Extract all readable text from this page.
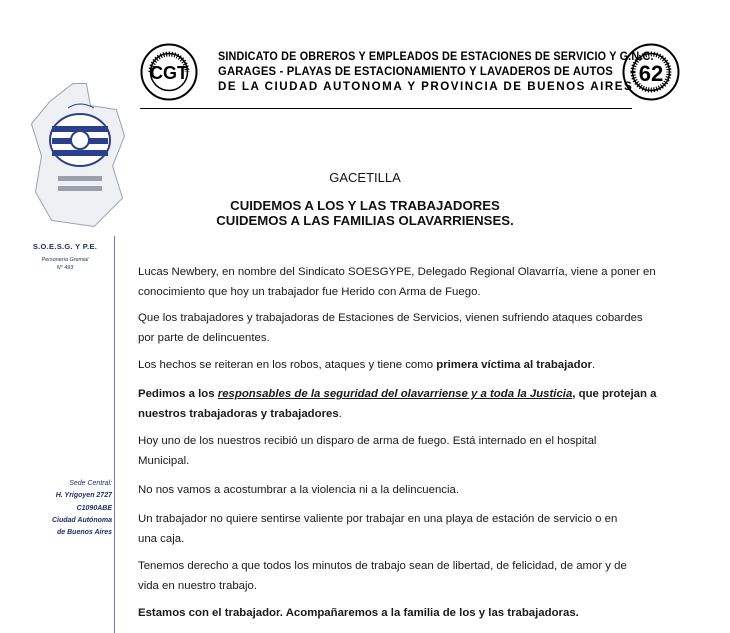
CGT
SINDICATO DE OBREROS Y EMPLEADOS DE ESTACIONES DE SERVICIO Y G.N.C.
GARAGES - PLAYAS DE ESTACIONAMIENTO Y LAVADEROS DE AUTOS
DE LA CIUDAD AUTONOMA Y PROVINCIA DE BUENOS AIRES 62
S.O.E.S.G. Y P.E.
Personería Gremial
N° 493
Sede Central:
H. Yrigoyen 2727
C1090ABE
Ciudad Autónoma
de Buenos Aires
GACETILLA
CUIDEMOS A LOS Y LAS TRABAJADORES
CUIDEMOS A LAS FAMILIAS OLAVARRIENSES.
Lucas Newbery, en nombre del Sindicato SOESGYPE, Delegado Regional Olavarría, viene a poner en
conocimiento que hoy un trabajador fue Herido con Arma de Fuego.
Que los trabajadores y trabajadoras de Estaciones de Servicios, vienen sufriendo ataques cobardes
por parte de delincuentes.
Los hechos se reiteran en los robos, ataques y tiene como primera víctima al trabajador.
Pedimos a los responsables de la seguridad del olavarriense y a toda la Justicia, que protejan a
nuestros trabajadoras y trabajadores.
Hoy uno de los nuestros recibió un disparo de arma de fuego. Está internado en el hospital
Municipal.
No nos vamos a acostumbrar a la violencia ni a la delincuencia.
Un trabajador no quiere sentirse valiente por trabajar en una playa de estación de servicio o en
una caja.
Tenemos derecho a que todos los minutos de trabajo sean de libertad, de felicidad, de amor y de
vida en nuestro trabajo.
Estamos con el trabajador. Acompañaremos a la familia de los y las trabajadoras.
